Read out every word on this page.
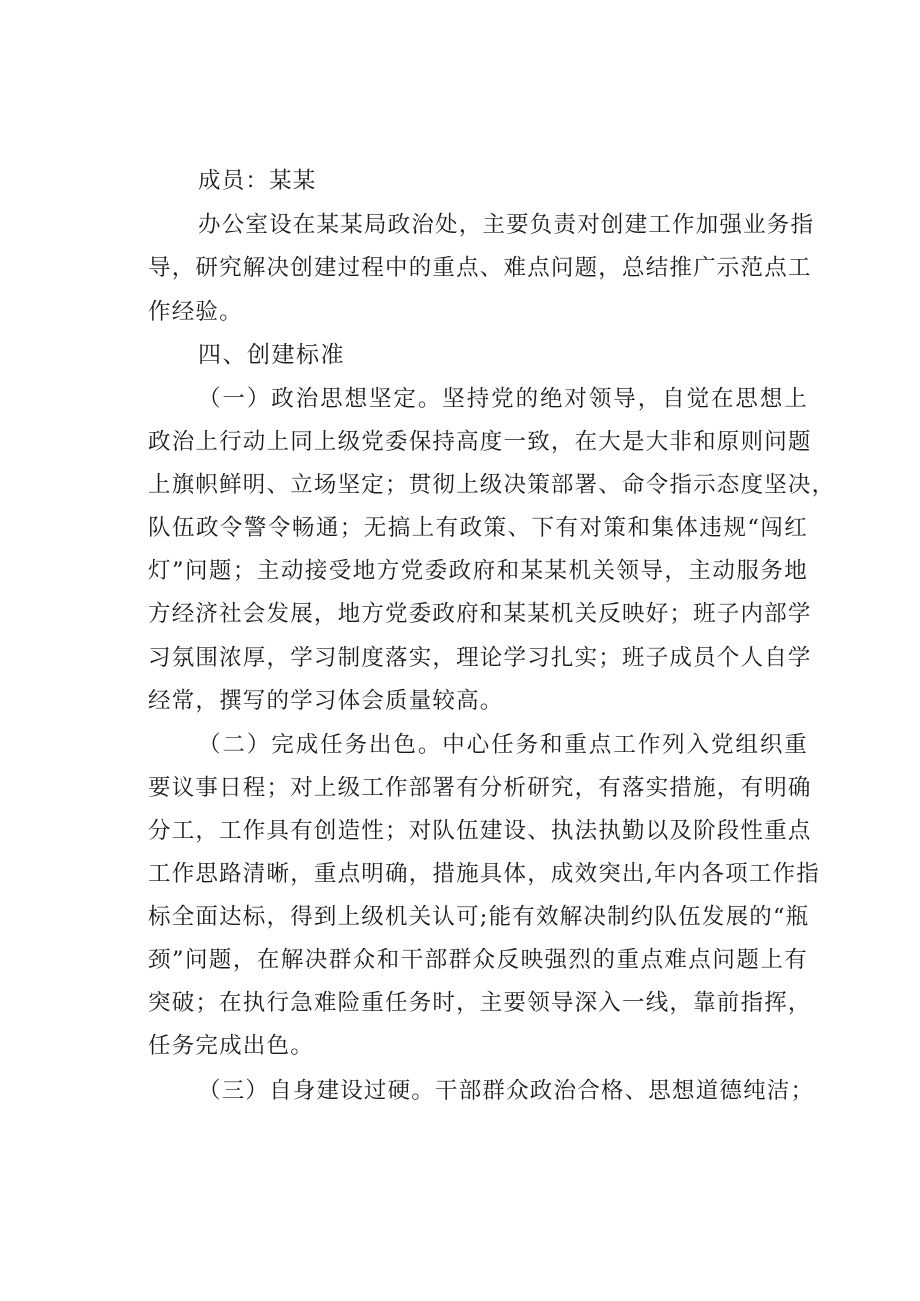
成员：某某
办公室设在某某局政治处，主要负责对创建工作加强业务指
导，研究解决创建过程中的重点、难点问题，总结推广示范点工
作经验。
四、创建标准
（一）政治思想坚定。坚持党的绝对领导，自觉在思想上
政治上行动上同上级党委保持高度一致，在大是大非和原则问题
上旗帜鲜明、立场坚定；贯彻上级决策部署、命令指示态度坚决，
队伍政令警令畅通；无搞上有政策、下有对策和集体违规“闯红
灯”问题；主动接受地方党委政府和某某机关领导，主动服务地
方经济社会发展，地方党委政府和某某机关反映好；班子内部学
习氛围浓厚，学习制度落实，理论学习扎实；班子成员个人自学
经常，撰写的学习体会质量较高。
（二）完成任务出色。中心任务和重点工作列入党组织重
要议事日程；对上级工作部署有分析研究，有落实措施，有明确
分工，工作具有创造性；对队伍建设、执法执勤以及阶段性重点
工作思路清晰，重点明确，措施具体，成效突出,年内各项工作指
标全面达标，得到上级机关认可;能有效解决制约队伍发展的“瓶
颈”问题，在解决群众和干部群众反映强烈的重点难点问题上有
突破；在执行急难险重任务时，主要领导深入一线，靠前指挥，
任务完成出色。
（三）自身建设过硬。干部群众政治合格、思想道德纯洁；
